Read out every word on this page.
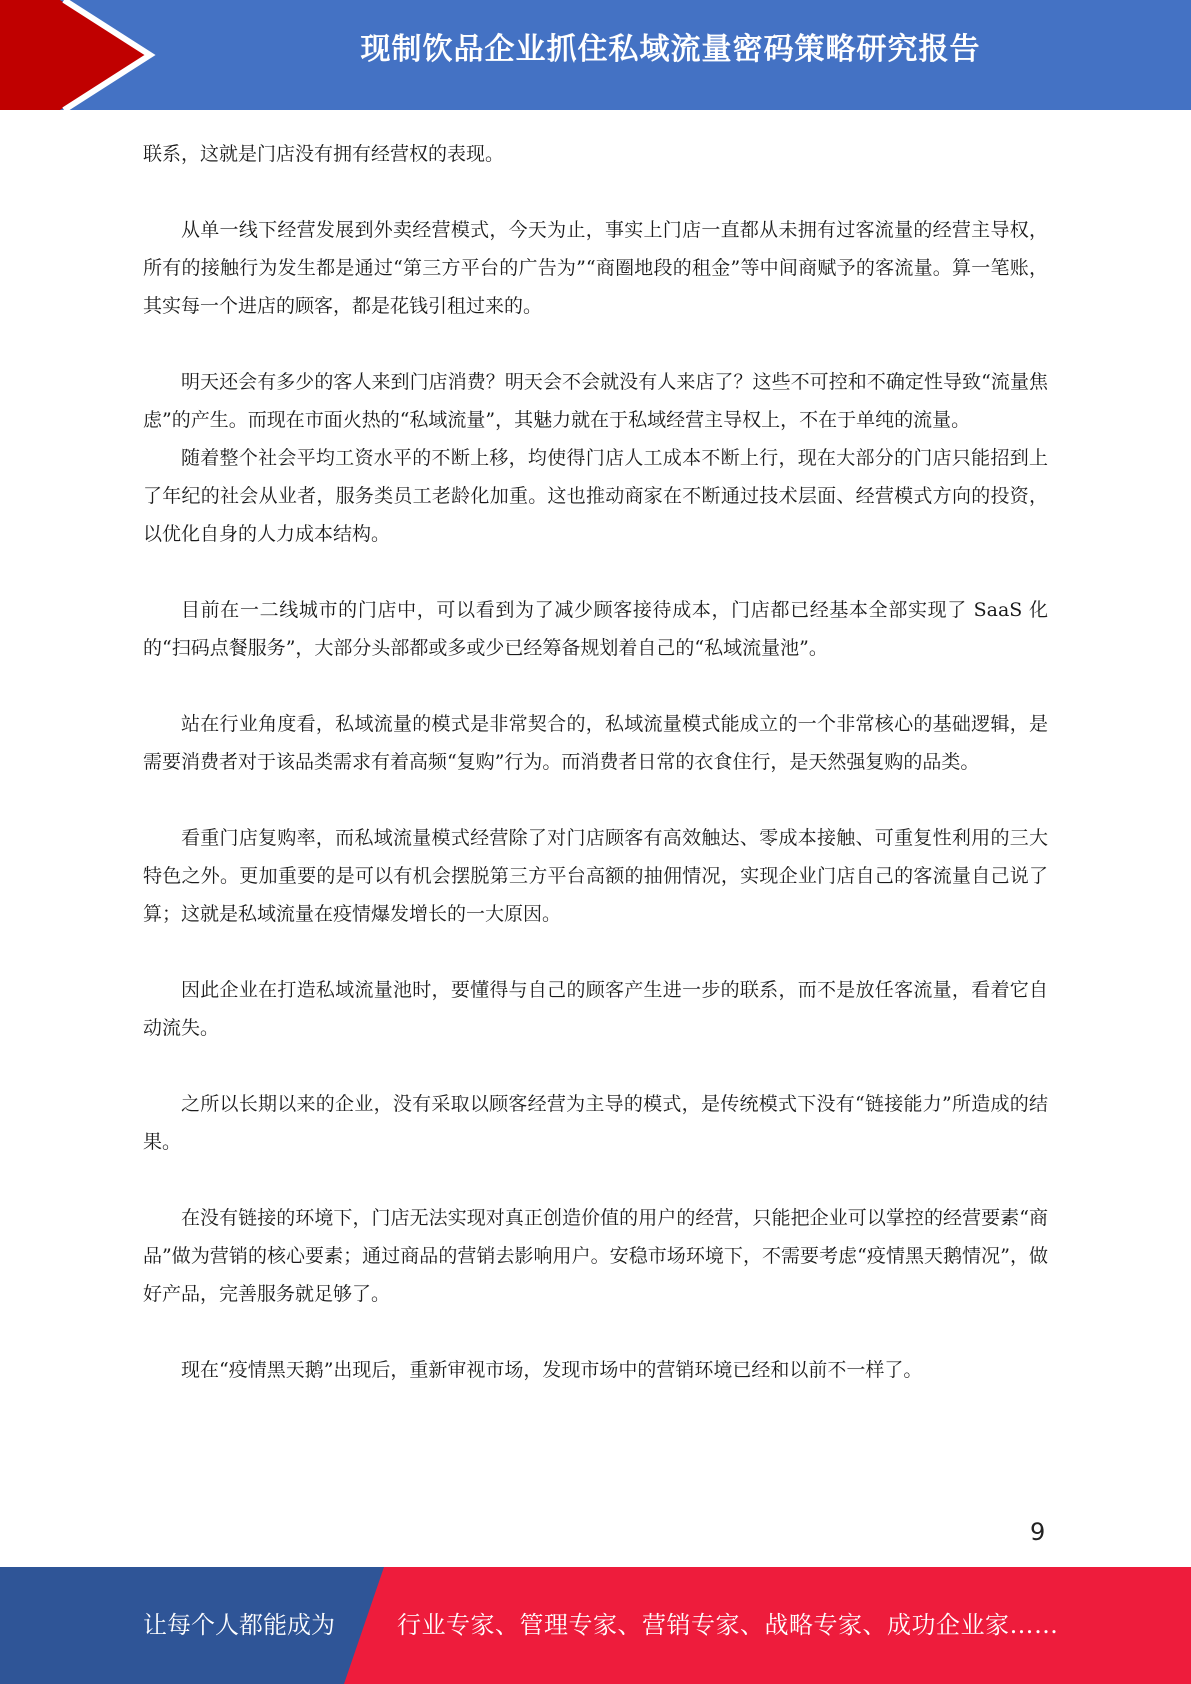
现制饮品企业抓住私域流量密码策略研究报告

联系，这就是门店没有拥有经营权的表现。

从单一线下经营发展到外卖经营模式，今天为止，事实上门店一直都从未拥有过客流量的经营主导权，所有的接触行为发生都是通过“第三方平台的广告为”“商圈地段的租金”等中间商赋予的客流量。算一笔账，其实每一个进店的顾客，都是花钱引租过来的。

明天还会有多少的客人来到门店消费？明天会不会就没有人来店了？这些不可控和不确定性导致“流量焦虑”的产生。而现在市面火热的“私域流量”，其魅力就在于私域经营主导权上，不在于单纯的流量。

随着整个社会平均工资水平的不断上移，均使得门店人工成本不断上行，现在大部分的门店只能招到上了年纪的社会从业者，服务类员工老龄化加重。这也推动商家在不断通过技术层面、经营模式方向的投资，以优化自身的人力成本结构。

目前在一二线城市的门店中，可以看到为了减少顾客接待成本，门店都已经基本全部实现了 SaaS 化的“扫码点餐服务”，大部分头部都或多或少已经筹备规划着自己的“私域流量池”。

站在行业角度看，私域流量的模式是非常契合的，私域流量模式能成立的一个非常核心的基础逻辑，是需要消费者对于该品类需求有着高频“复购”行为。而消费者日常的衣食住行，是天然强复购的品类。

看重门店复购率，而私域流量模式经营除了对门店顾客有高效触达、零成本接触、可重复性利用的三大特色之外。更加重要的是可以有机会摆脱第三方平台高额的抽佣情况，实现企业门店自己的客流量自己说了算；这就是私域流量在疫情爆发增长的一大原因。

因此企业在打造私域流量池时，要懂得与自己的顾客产生进一步的联系，而不是放任客流量，看着它自动流失。

之所以长期以来的企业，没有采取以顾客经营为主导的模式，是传统模式下没有“链接能力”所造成的结果。

在没有链接的环境下，门店无法实现对真正创造价值的用户的经营，只能把企业可以掌控的经营要素“商品”做为营销的核心要素；通过商品的营销去影响用户。安稳市场环境下，不需要考虑“疫情黑天鹅情况”，做好产品，完善服务就足够了。

现在“疫情黑天鹅”出现后，重新审视市场，发现市场中的营销环境已经和以前不一样了。

9
让每个人都能成为	行业专家、管理专家、营销专家、战略专家、成功企业家……
